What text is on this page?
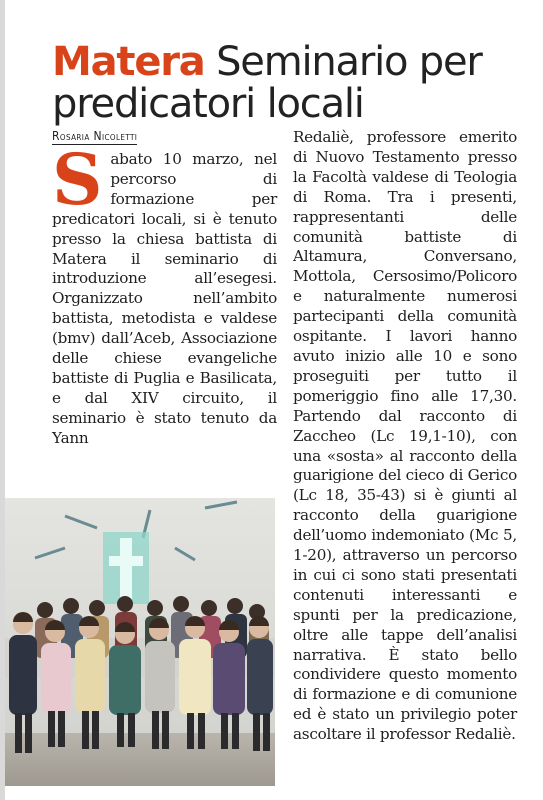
Matera Seminario per predicatori locali
Rosaria Nicoletti
Sabato 10 marzo, nel percorso di formazione per predicatori locali, si è tenuto presso la chiesa battista di Matera il seminario di introduzione all’esegesi. Organizzato nell’ambito battista, metodista e valdese (bmv) dall’Aceb, Associazione delle chiese evangeliche battiste di Puglia e Basilicata, e dal XIV circuito, il seminario è stato tenuto da Yann
Redaliè, professore emerito di Nuovo Testamento presso la Facoltà valdese di Teologia di Roma. Tra i presenti, rappresentanti delle comunità battiste di Altamura, Conversano, Mottola, Cersosimo/Policoro e naturalmente numerosi partecipanti della comunità ospitante. I lavori hanno avuto inizio alle 10 e sono proseguiti per tutto il pomeriggio fino alle 17,30. Partendo dal racconto di Zaccheo (Lc 19,1-10), con una «sosta» al racconto della guarigione del cieco di Gerico (Lc 18, 35-43) si è giunti al racconto della guarigione dell’uomo indemoniato (Mc 5, 1-20), attraverso un percorso in cui ci sono stati presentati contenuti interessanti e spunti per la predicazione, oltre alle tappe dell’analisi narrativa. È stato bello condividere questo momento di formazione e di comunione ed è stato un privilegio poter ascoltare il professor Redaliè.
